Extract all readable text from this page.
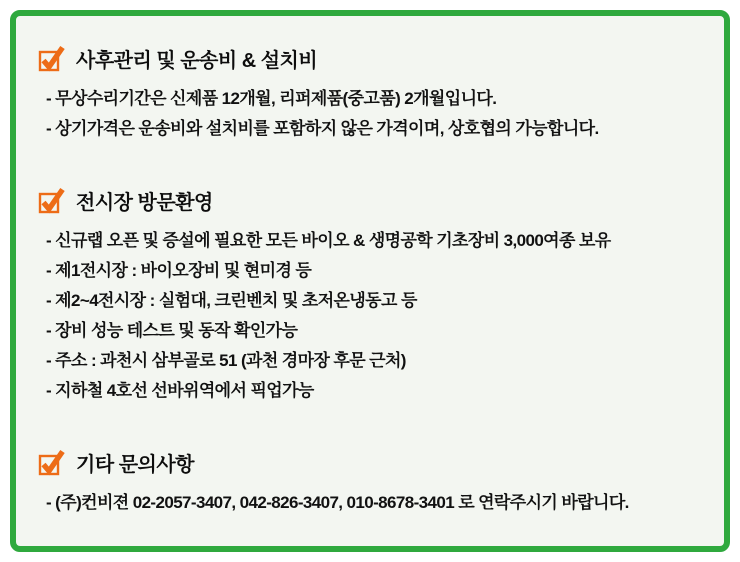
사후관리 및 운송비 & 설치비
- 무상수리기간은 신제품 12개월, 리퍼제품(중고품) 2개월입니다.
- 상기가격은 운송비와 설치비를 포함하지 않은 가격이며, 상호협의 가능합니다.
전시장 방문환영
- 신규랩 오픈 및 증설에 필요한 모든 바이오 & 생명공학 기초장비 3,000여종 보유
- 제1전시장 : 바이오장비 및 현미경 등
- 제2~4전시장 : 실험대, 크린벤치 및 초저온냉동고 등
- 장비 성능 테스트 및 동작 확인가능
- 주소 : 과천시 삼부골로 51 (과천 경마장 후문 근처)
- 지하철 4호선 선바위역에서 픽업가능
기타 문의사항
- (주)컨비젼 02-2057-3407, 042-826-3407, 010-8678-3401 로 연락주시기 바랍니다.
